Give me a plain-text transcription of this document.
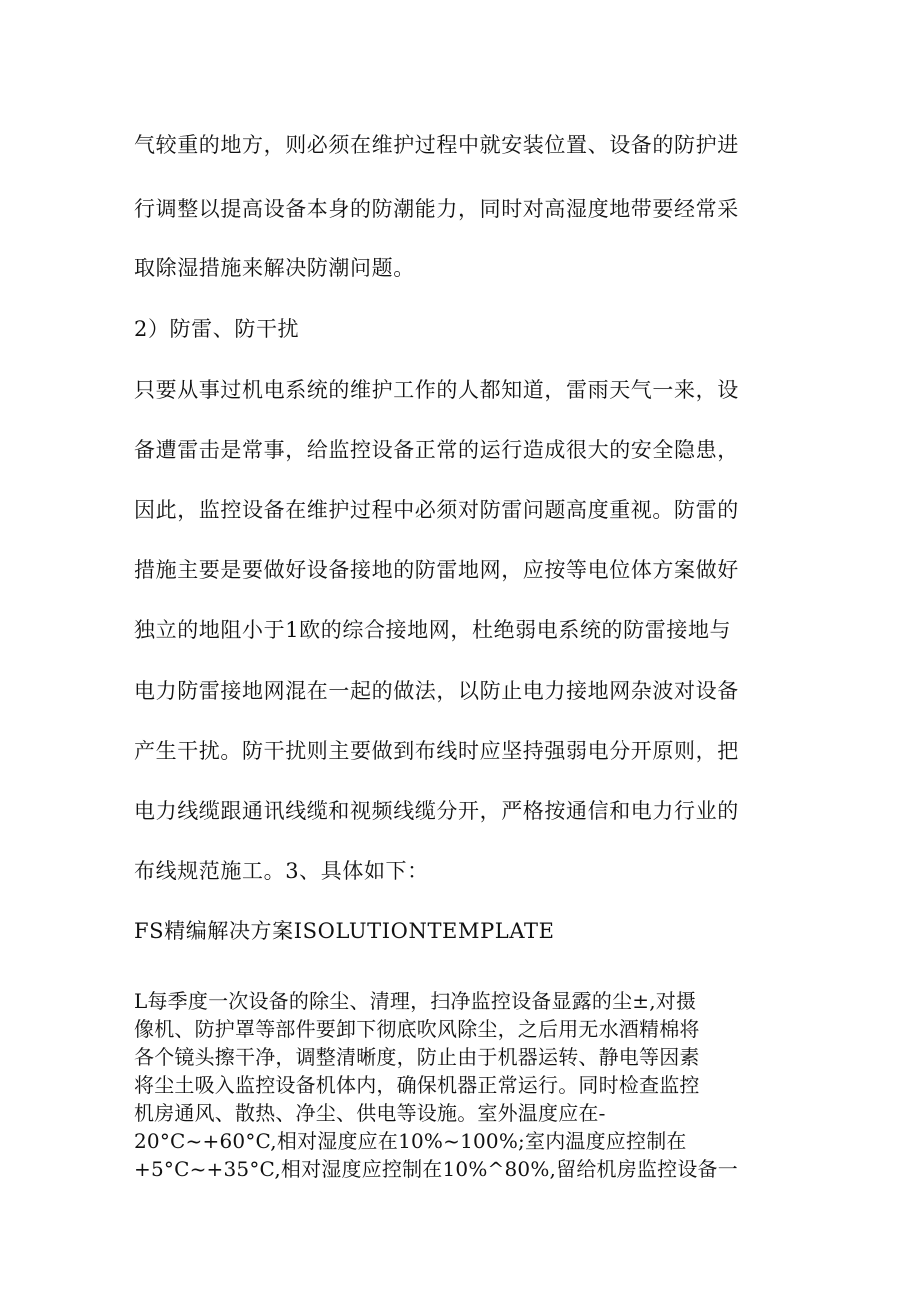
气较重的地方，则必须在维护过程中就安装位置、设备的防护进
行调整以提高设备本身的防潮能力，同时对高湿度地带要经常采
取除湿措施来解决防潮问题。
2）防雷、防干扰
只要从事过机电系统的维护工作的人都知道，雷雨天气一来，设
备遭雷击是常事，给监控设备正常的运行造成很大的安全隐患，
因此，监控设备在维护过程中必须对防雷问题高度重视。防雷的
措施主要是要做好设备接地的防雷地网，应按等电位体方案做好
独立的地阻小于1欧的综合接地网，杜绝弱电系统的防雷接地与
电力防雷接地网混在一起的做法，以防止电力接地网杂波对设备
产生干扰。防干扰则主要做到布线时应坚持强弱电分开原则，把
电力线缆跟通讯线缆和视频线缆分开，严格按通信和电力行业的
布线规范施工。3、具体如下：
FS精编解决方案ISOLUTIONTEMPLATE
L每季度一次设备的除尘、清理，扫净监控设备显露的尘±,对摄
像机、防护罩等部件要卸下彻底吹风除尘，之后用无水酒精棉将
各个镜头擦干净，调整清晰度，防止由于机器运转、静电等因素
将尘土吸入监控设备机体内，确保机器正常运行。同时检查监控
机房通风、散热、净尘、供电等设施。室外温度应在-
20°C~+60°C,相对湿度应在10%~100%;室内温度应控制在
+5°C~+35°C,相对湿度应控制在10%^80%,留给机房监控设备一
